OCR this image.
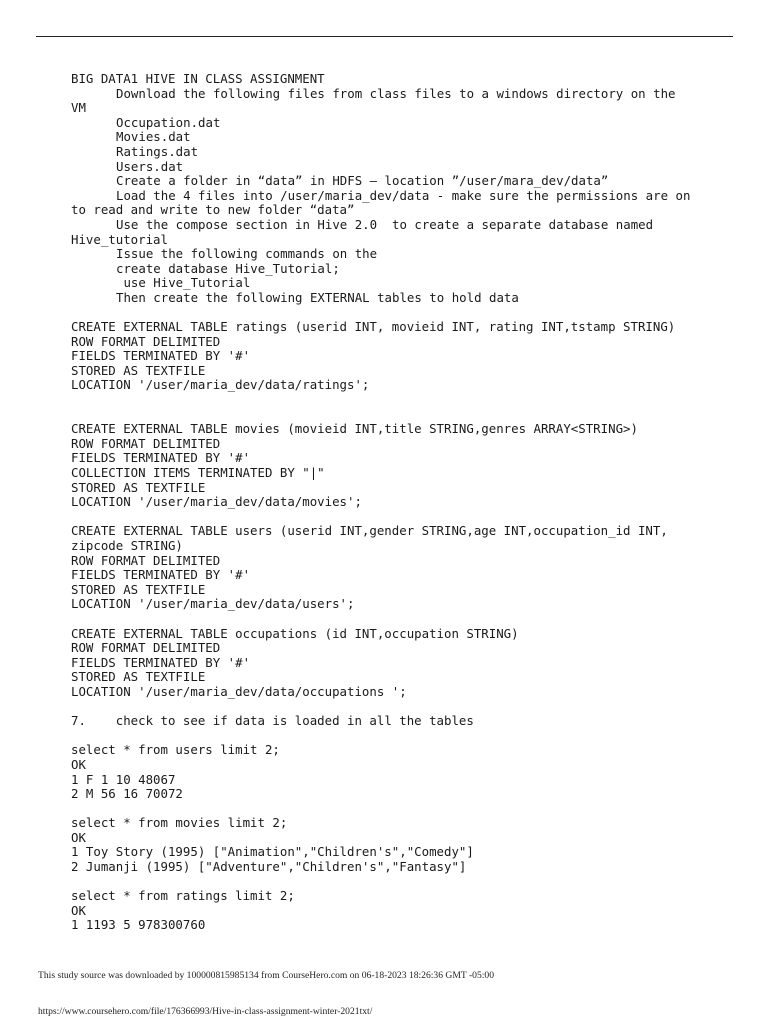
BIG DATA1 HIVE IN CLASS ASSIGNMENT
Download the following files from class files to a windows directory on the
VM
Occupation.dat
Movies.dat
Ratings.dat
Users.dat
Create a folder in “data” in HDFS – location ”/user/mara_dev/data”
Load the 4 files into /user/maria_dev/data - make sure the permissions are on
to read and write to new folder “data”
Use the compose section in Hive 2.0  to create a separate database named
Hive_tutorial
Issue the following commands on the
create database Hive_Tutorial;
use Hive_Tutorial
Then create the following EXTERNAL tables to hold data
CREATE EXTERNAL TABLE ratings (userid INT, movieid INT, rating INT,tstamp STRING)
ROW FORMAT DELIMITED
FIELDS TERMINATED BY '#'
STORED AS TEXTFILE
LOCATION '/user/maria_dev/data/ratings';
CREATE EXTERNAL TABLE movies (movieid INT,title STRING,genres ARRAY<STRING>)
ROW FORMAT DELIMITED
FIELDS TERMINATED BY '#'
COLLECTION ITEMS TERMINATED BY "|"
STORED AS TEXTFILE
LOCATION '/user/maria_dev/data/movies';
CREATE EXTERNAL TABLE users (userid INT,gender STRING,age INT,occupation_id INT,
zipcode STRING)
ROW FORMAT DELIMITED
FIELDS TERMINATED BY '#'
STORED AS TEXTFILE
LOCATION '/user/maria_dev/data/users';
CREATE EXTERNAL TABLE occupations (id INT,occupation STRING)
ROW FORMAT DELIMITED
FIELDS TERMINATED BY '#'
STORED AS TEXTFILE
LOCATION '/user/maria_dev/data/occupations ';
7. check to see if data is loaded in all the tables
select * from users limit 2;
OK
1 F 1 10 48067
2 M 56 16 70072
select * from movies limit 2;
OK
1 Toy Story (1995) ["Animation","Children's","Comedy"]
2 Jumanji (1995) ["Adventure","Children's","Fantasy"]
select * from ratings limit 2;
OK
1 1193 5 978300760
This study source was downloaded by 100000815985134 from CourseHero.com on 06-18-2023 18:26:36 GMT -05:00
https://www.coursehero.com/file/176366993/Hive-in-class-assignment-winter-2021txt/
